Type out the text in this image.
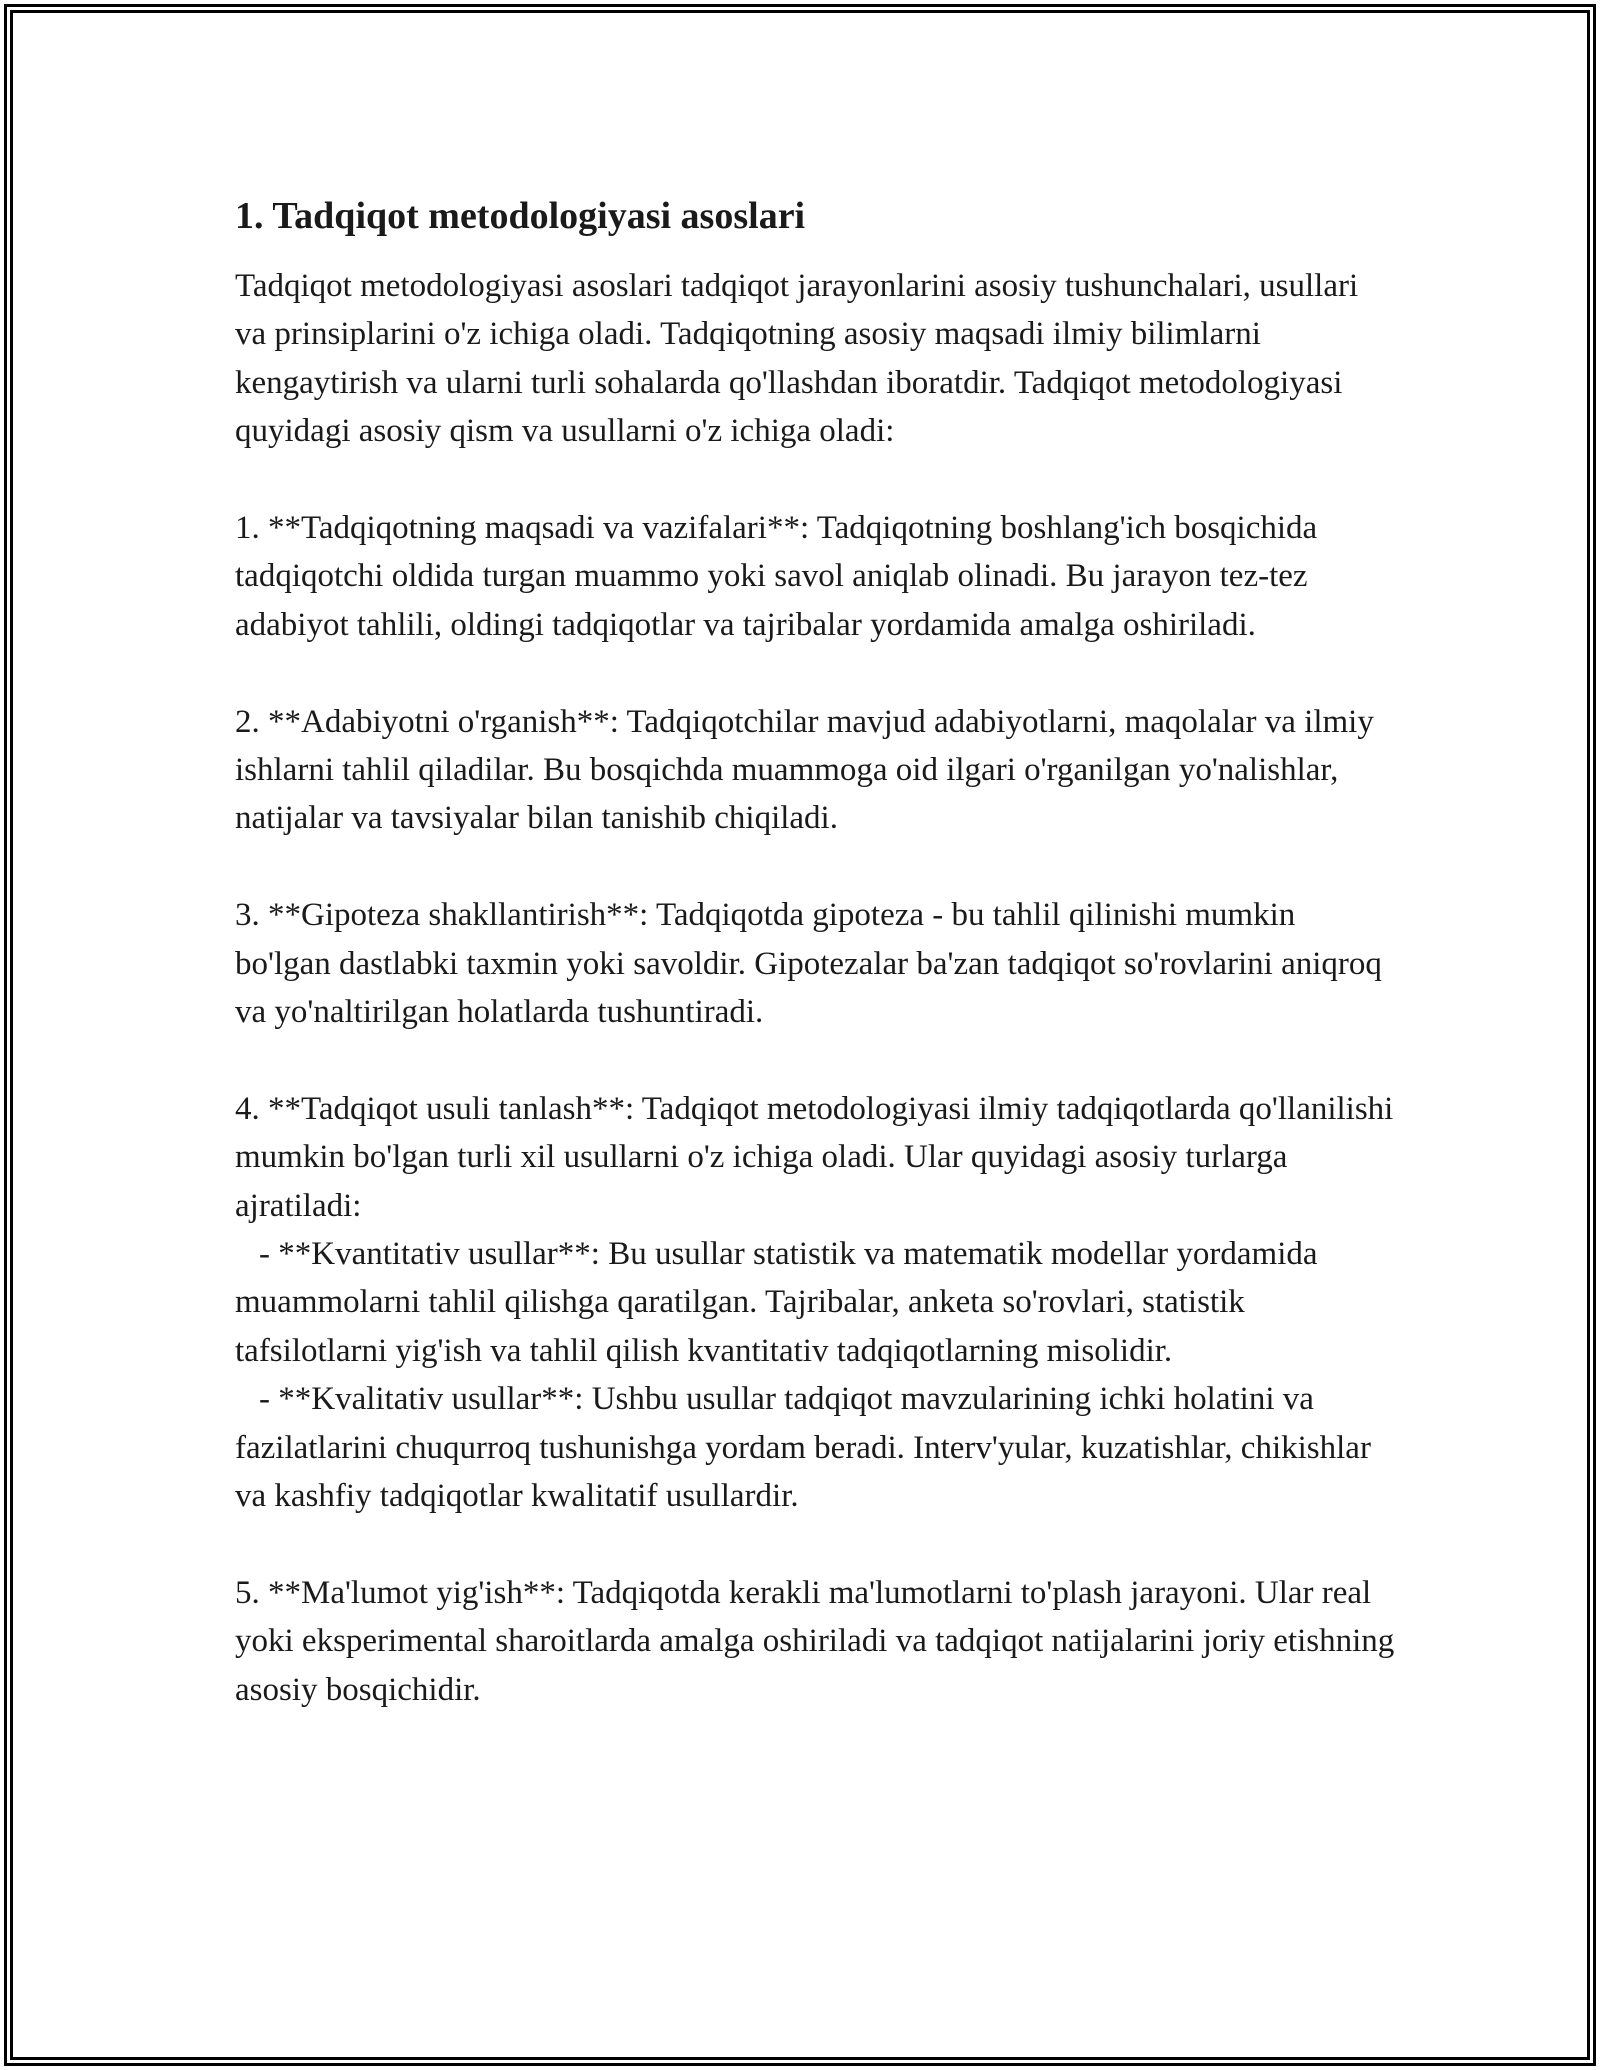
1. Tadqiqot metodologiyasi asoslari

Tadqiqot metodologiyasi asoslari tadqiqot jarayonlarini asosiy tushunchalari, usullari va prinsiplarini o'z ichiga oladi. Tadqiqotning asosiy maqsadi ilmiy bilimlarni kengaytirish va ularni turli sohalarda qo'llashdan iboratdir. Tadqiqot metodologiyasi quyidagi asosiy qism va usullarni o'z ichiga oladi:

1. **Tadqiqotning maqsadi va vazifalari**: Tadqiqotning boshlang'ich bosqichida tadqiqotchi oldida turgan muammo yoki savol aniqlab olinadi. Bu jarayon tez-tez adabiyot tahlili, oldingi tadqiqotlar va tajribalar yordamida amalga oshiriladi.

2. **Adabiyotni o'rganish**: Tadqiqotchilar mavjud adabiyotlarni, maqolalar va ilmiy ishlarni tahlil qiladilar. Bu bosqichda muammoga oid ilgari o'rganilgan yo'nalishlar, natijalar va tavsiyalar bilan tanishib chiqiladi.

3. **Gipoteza shakllantirish**: Tadqiqotda gipoteza - bu tahlil qilinishi mumkin bo'lgan dastlabki taxmin yoki savoldir. Gipotezalar ba'zan tadqiqot so'rovlarini aniqroq va yo'naltirilgan holatlarda tushuntiradi.

4. **Tadqiqot usuli tanlash**: Tadqiqot metodologiyasi ilmiy tadqiqotlarda qo'llanilishi mumkin bo'lgan turli xil usullarni o'z ichiga oladi. Ular quyidagi asosiy turlarga ajratiladi:

- **Kvantitativ usullar**: Bu usullar statistik va matematik modellar yordamida muammolarni tahlil qilishga qaratilgan. Tajribalar, anketa so'rovlari, statistik tafsilotlarni yig'ish va tahlil qilish kvantitativ tadqiqotlarning misolidir.

- **Kvalitativ usullar**: Ushbu usullar tadqiqot mavzularining ichki holatini va fazilatlarini chuqurroq tushunishga yordam beradi. Interv'yular, kuzatishlar, chikishlar va kashfiy tadqiqotlar kwalitatif usullardir.

5. **Ma'lumot yig'ish**: Tadqiqotda kerakli ma'lumotlarni to'plash jarayoni. Ular real yoki eksperimental sharoitlarda amalga oshiriladi va tadqiqot natijalarini joriy etishning asosiy bosqichidir.
